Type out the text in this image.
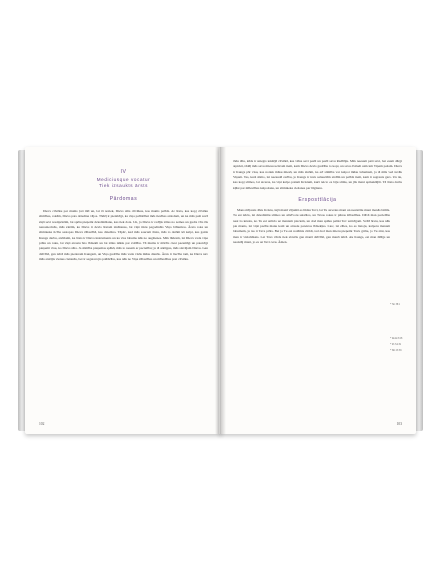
IV
Mediciusque vocatur
Tiek izsaukts ārsts
Pārdomas
Dievs cilvēku par mums ļoti mīl un, lai tā notiek, Dievs sūta cilvēkus, kas mums palīdz. Ar ārsta, kas kopj cilvēku slimības, rokām, Dievs pats dziedina vājos. Tādēļ ir pienācīgi, ka viņa palīdzībai mēs tiesības atdodam, un ka mēs paši savā ziņā sevi nostiprinām, lai spētu pieņemt dziedināšanu, kas tiek dota. Un, ja Dievs ir radījis zāles no zemes un gudrs vīrs tās nenoniecinās, mēs zinām, ka Dievs ir devis ārstam zināšanas, lai viņš tiktu pagodināts Viņa brīnumos. Ārsta roka un slimnieka ticība sastopas Dieva žēlastībā, kas dziedina. Tāpēc, kad mēs saucam ārstu, mēs to darām kā kalpi, kas gaida Kunga darbu, atzīdami, ka ārsts ir Dieva instruments un ka viss labums nāk no augšienes. Mēs lūdzam, lai Dievs vada viņa prātu un roku, lai viņš atrastu īsto līdzekli un lai zāles nāktu par svētību. Tā mums ir mācīts ciest pazemīgi un pateicīgi pieņemt visu, ko Dievs sūta. Ja slimība pieņemas spēkā, mēs to nesam ar pacietību; ja tā atkāpjas, mēs slavējam Dievu. Gan dzīvībā, gan nāvē mēs piederam Kungam, un Viņa gudrība mūs vada visās mūsu dienās. Ārsts ir liecība tam, ka Dievs nav mūs atstājis vienus ciešanās, bet ir sagatavojis palīdzību, kas nāk no Viņa žēlastības un mīlestības pret cilvēku.
102
tādu tēlu, kāds ir sniegts iekšējā cilvēkā, kas vēlas sevi pazīt un pazīt savu Radītāju. Mēs neesam paši savi, bet esam dārgi atpirkti, tādēļ mēs savu miesu uzticam tiem, kam Dievs devis gudrību to kopt, un savu dvēseli uzticam Viņam pašam. Dievs ir Kungs pār visu, kas notiek mūsu miesā, un mēs zinām, ka arī slimība var kalpot mūsu labumam, ja tā mūs ved tuvāk Viņam. Tas, kurš slimo, lai nezaudē cerību, jo Kungs ir tuvu salauztām sirdīm un palīdz tiem, kam ir sagrauts gars. Un tie, kas kopj slimos, lai atceras, ka viņi kalpo pašam Kristum, kurš teica: es biju slims, un jūs mani apmeklējāt. Tā ārsta darbs kļūst par mīlestības kalpošanu, un slimnieka ciešanas par lūgšanu.
Ersposttlācija
Mans mīļotais Jēzu Kristu, šajā manā vājumā es lūdzu Tevi, lai Tu atceries mani un neatstātu mani manās bēdās. Tu esi nācis, lai dziedinātu slimos un atbrīvotu saistītos, un Tavas rokas ir pilnas žēlastības. Dāvā man pacietību nest šo krustu, ko Tu esi uzlicis uz maniem pleciem, un dod man spēku palikt Tev uzticīgam. Svētī ārstu, kas nāk pie manis, lai viņš pazītu manu kaiti un atrastu pareizos līdzekļus. Liec, lai zāles, ko es lietoju, kalpotu manam labumam, ja tas ir Tavs prāts. Bet ja Tu esi nolēmis citādi, tad dod man mieru pieņemt Tavu gribu, jo Tu zini, kas man ir vislabākais. Lai Tavs vārds tiek slavēts gan manā dzīvībā, gan manā nāvē. Ak Kungs, esi man žēlīgs un neatstāj mani, jo es uz Tevi ceru. Āmen.
* Sir 38:1
* Rom 8:28
* Ps 34:19
* Mt 25:36
103
